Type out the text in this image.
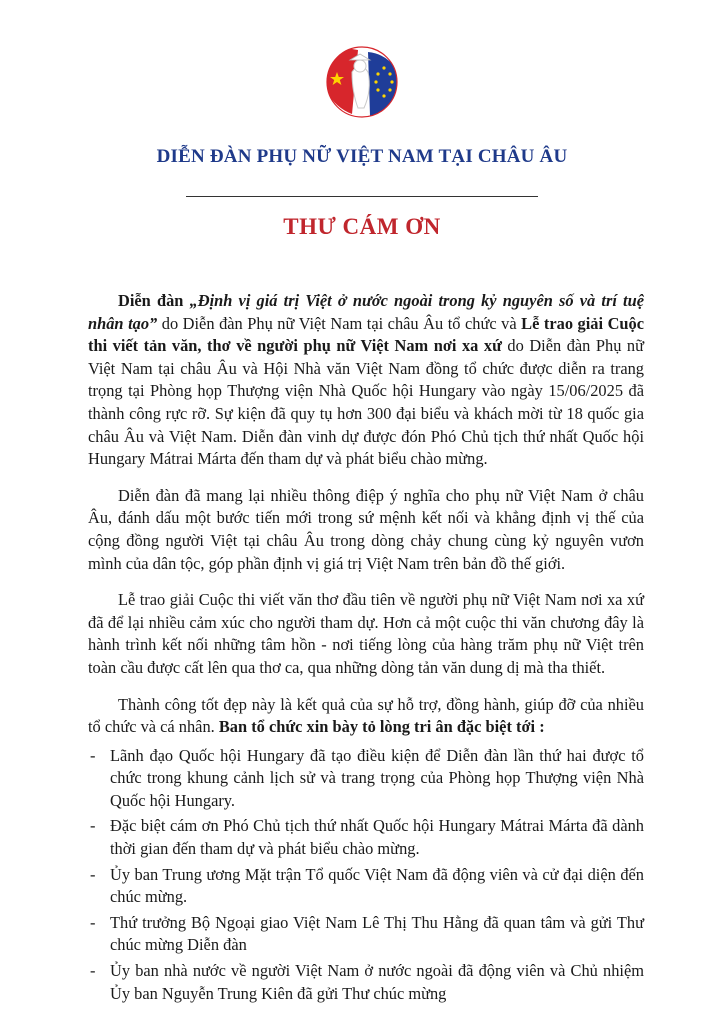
DIỄN ĐÀN PHỤ NỮ VIỆT NAM TẠI CHÂU ÂU
THƯ CÁM ƠN

Diễn đàn „Định vị giá trị Việt ở nước ngoài trong kỷ nguyên số và trí tuệ nhân tạo” do Diễn đàn Phụ nữ Việt Nam tại châu Âu tổ chức và Lễ trao giải Cuộc thi viết tản văn, thơ về người phụ nữ Việt Nam nơi xa xứ do Diễn đàn Phụ nữ Việt Nam tại châu Âu và Hội Nhà văn Việt Nam đồng tổ chức được diễn ra trang trọng tại Phòng họp Thượng viện Nhà Quốc hội Hungary vào ngày 15/06/2025 đã thành công rực rỡ. Sự kiện đã quy tụ hơn 300 đại biểu và khách mời từ 18 quốc gia châu Âu và Việt Nam. Diễn đàn vinh dự được đón Phó Chủ tịch thứ nhất Quốc hội Hungary Mátrai Márta đến tham dự và phát biểu chào mừng.

Diễn đàn đã mang lại nhiều thông điệp ý nghĩa cho phụ nữ Việt Nam ở châu Âu, đánh dấu một bước tiến mới trong sứ mệnh kết nối và khẳng định vị thế của cộng đồng người Việt tại châu Âu trong dòng chảy chung cùng kỷ nguyên vươn mình của dân tộc, góp phần định vị giá trị Việt Nam trên bản đồ thế giới.

Lễ trao giải Cuộc thi viết văn thơ đầu tiên về người phụ nữ Việt Nam nơi xa xứ đã để lại nhiều cảm xúc cho người tham dự. Hơn cả một cuộc thi văn chương đây là hành trình kết nối những tâm hồn - nơi tiếng lòng của hàng trăm phụ nữ Việt trên toàn cầu được cất lên qua thơ ca, qua những dòng tản văn dung dị mà tha thiết.

Thành công tốt đẹp này là kết quả của sự hỗ trợ, đồng hành, giúp đỡ của nhiều tổ chức và cá nhân. Ban tổ chức xin bày tỏ lòng tri ân đặc biệt tới :

- Lãnh đạo Quốc hội Hungary đã tạo điều kiện để Diễn đàn lần thứ hai được tổ chức trong khung cảnh lịch sử và trang trọng của Phòng họp Thượng viện Nhà Quốc hội Hungary.
- Đặc biệt cám ơn Phó Chủ tịch thứ nhất Quốc hội Hungary Mátrai Márta đã dành thời gian đến tham dự và phát biểu chào mừng.
- Ủy ban Trung ương Mặt trận Tổ quốc Việt Nam đã động viên và cử đại diện đến chúc mừng.
- Thứ trưởng Bộ Ngoại giao Việt Nam Lê Thị Thu Hằng đã quan tâm và gửi Thư chúc mừng Diễn đàn
- Ủy ban nhà nước về người Việt Nam ở nước ngoài đã động viên và Chủ nhiệm Ủy ban Nguyễn Trung Kiên đã gửi Thư chúc mừng
